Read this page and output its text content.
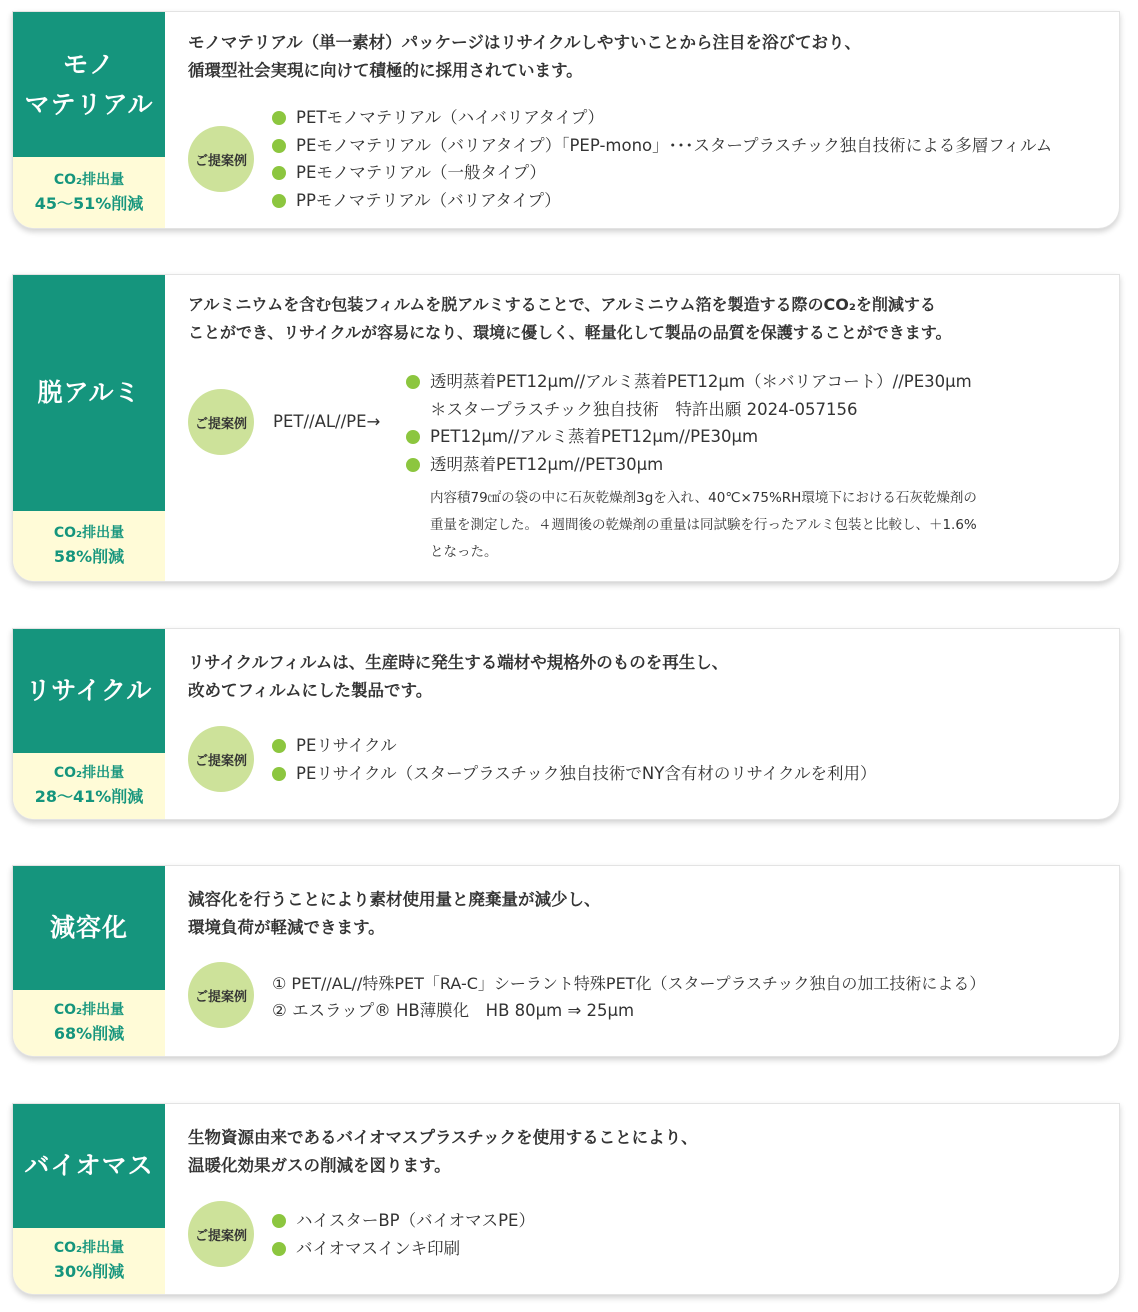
モノ
マテリアル
CO₂排出量
45～51%削減
モノマテリアル（単一素材）パッケージはリサイクルしやすいことから注目を浴びており、
循環型社会実現に向けて積極的に採用されています。
ご提案例
PETモノマテリアル（ハイバリアタイプ）
PEモノマテリアル（バリアタイプ）「PEP-mono」･･･スタープラスチック独自技術による多層フィルム
PEモノマテリアル（一般タイプ）
PPモノマテリアル（バリアタイプ）
脱アルミ
CO₂排出量
58%削減
アルミニウムを含む包装フィルムを脱アルミすることで、アルミニウム箔を製造する際のCO₂を削減する
ことができ、リサイクルが容易になり、環境に優しく、軽量化して製品の品質を保護することができます。
ご提案例	PET//AL//PE→
透明蒸着PET12μm//アルミ蒸着PET12μm（＊バリアコート）//PE30μm
＊スタープラスチック独自技術　特許出願 2024-057156
PET12μm//アルミ蒸着PET12μm//PE30μm
透明蒸着PET12μm//PET30μm
内容積79㎠の袋の中に石灰乾燥剤3gを入れ、40℃×75%RH環境下における石灰乾燥剤の
重量を測定した。４週間後の乾燥剤の重量は同試験を行ったアルミ包装と比較し、＋1.6%
となった。
リサイクル
CO₂排出量
28～41%削減
リサイクルフィルムは、生産時に発生する端材や規格外のものを再生し、
改めてフィルムにした製品です。
ご提案例
PEリサイクル
PEリサイクル（スタープラスチック独自技術でNY含有材のリサイクルを利用）
減容化
CO₂排出量
68%削減
減容化を行うことにより素材使用量と廃棄量が減少し、
環境負荷が軽減できます。
ご提案例
① PET//AL//特殊PET「RA-C」シーラント特殊PET化（スタープラスチック独自の加工技術による）
② エスラップ® HB薄膜化　HB 80μm ⇒ 25μm
バイオマス
CO₂排出量
30%削減
生物資源由来であるバイオマスプラスチックを使用することにより、
温暖化効果ガスの削減を図ります。
ご提案例
ハイスターBP（バイオマスPE）
バイオマスインキ印刷
